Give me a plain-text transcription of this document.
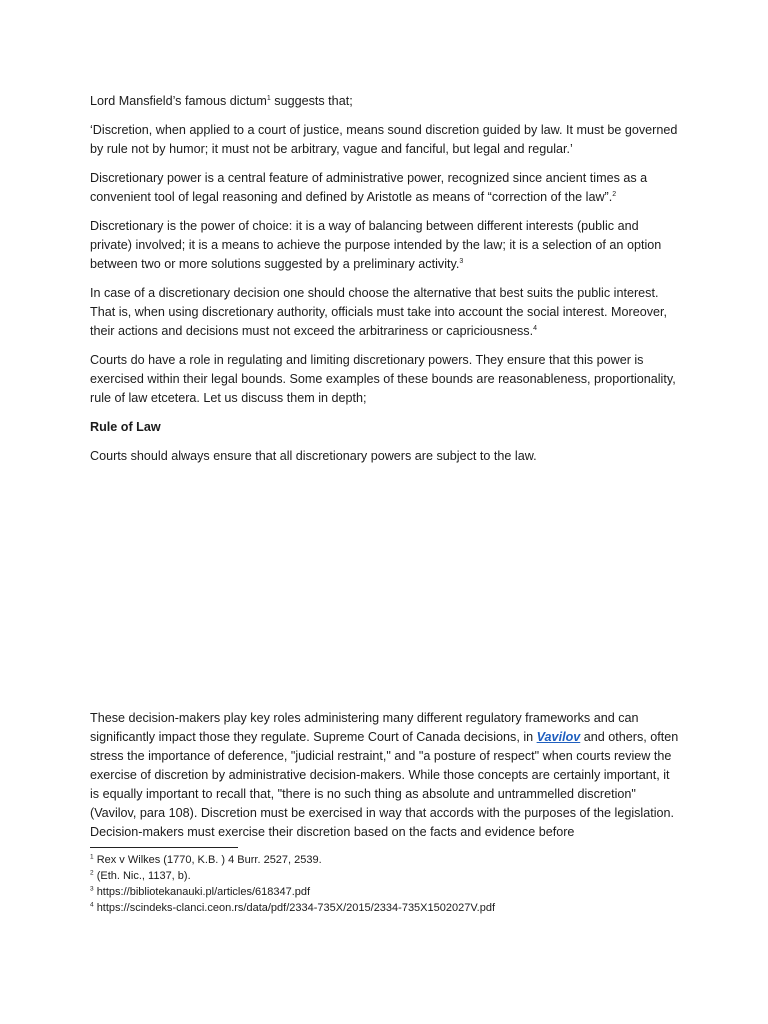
Lord Mansfield’s famous dictum$^1$ suggests that;

‘Discretion, when applied to a court of justice, means sound discretion guided by law. It must be governed by rule not by humor; it must not be arbitrary, vague and fanciful, but legal and regular.’

Discretionary power is a central feature of administrative power, recognized since ancient times as a convenient tool of legal reasoning and defined by Aristotle as means of “correction of the law”.$^2$

Discretionary is the power of choice: it is a way of balancing between different interests (public and private) involved; it is a means to achieve the purpose intended by the law; it is a selection of an option between two or more solutions suggested by a preliminary activity.$^3$

In case of a discretionary decision one should choose the alternative that best suits the public interest. That is, when using discretionary authority, officials must take into account the social interest. Moreover, their actions and decisions must not exceed the arbitrariness or capriciousness.$^4$

Courts do have a role in regulating and limiting discretionary powers. They ensure that this power is exercised within their legal bounds. Some examples of these bounds are reasonableness, proportionality, rule of law etcetera. Let us discuss them in depth;

Rule of Law

Courts should always ensure that all discretionary powers are subject to the law.

These decision-makers play key roles administering many different regulatory frameworks and can significantly impact those they regulate. Supreme Court of Canada decisions, in Vavilov and others, often stress the importance of deference, "judicial restraint," and "a posture of respect" when courts review the exercise of discretion by administrative decision-makers. While those concepts are certainly important, it is equally important to recall that, "there is no such thing as absolute and untrammelled discretion" (Vavilov, para 108). Discretion must be exercised in way that accords with the purposes of the legislation. Decision-makers must exercise their discretion based on the facts and evidence before

$^1$ Rex v Wilkes (1770, K.B. ) 4 Burr. 2527, 2539.
$^2$ (Eth. Nic., 1137, b).
$^3$ https://bibliotekanauki.pl/articles/618347.pdf
$^4$ https://scindeks-clanci.ceon.rs/data/pdf/2334-735X/2015/2334-735X1502027V.pdf
